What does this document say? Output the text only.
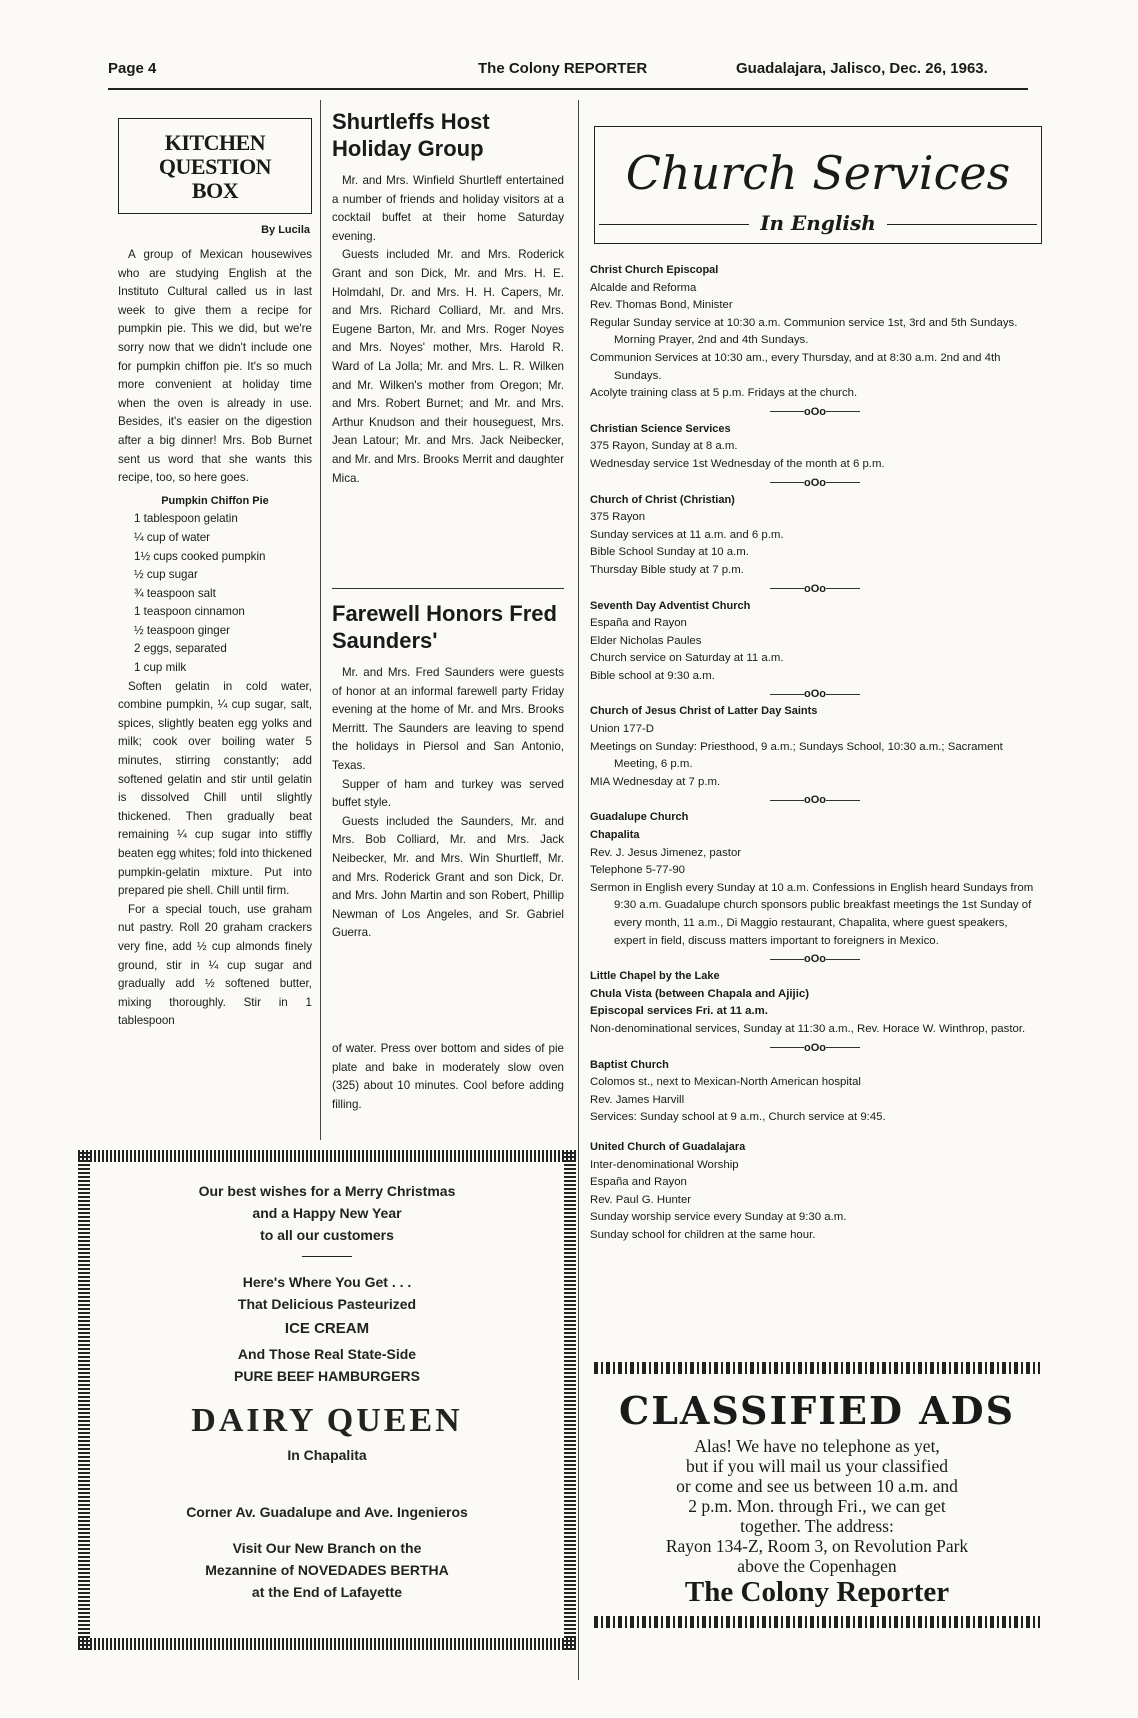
Page 4	The Colony REPORTER	Guadalajara, Jalisco, Dec. 26, 1963.
KITCHEN
QUESTION
BOX
By Lucila

A group of Mexican housewives who are studying English at the Instituto Cultural called us in last week to give them a recipe for pumpkin pie. This we did, but we're sorry now that we didn't include one for pumpkin chiffon pie. It's so much more convenient at holiday time when the oven is already in use. Besides, it's easier on the digestion after a big dinner! Mrs. Bob Burnet sent us word that she wants this recipe, too, so here goes.

Pumpkin Chiffon Pie

1 tablespoon gelatin
¼ cup of water
1½ cups cooked pumpkin
½ cup sugar
¾ teaspoon salt
1 teaspoon cinnamon
½ teaspoon ginger
2 eggs, separated
1 cup milk

Soften gelatin in cold water, combine pumpkin, ¼ cup sugar, salt, spices, slightly beaten egg yolks and milk; cook over boiling water 5 minutes, stirring constantly; add softened gelatin and stir until gelatin is dissolved Chill until slightly thickened. Then gradually beat remaining ¼ cup sugar into stiffly beaten egg whites; fold into thickened pumpkin-gelatin mixture. Put into prepared pie shell. Chill until firm.

For a special touch, use graham nut pastry. Roll 20 graham crackers very fine, add ½ cup almonds finely ground, stir in ¼ cup sugar and gradually add ½ softened butter, mixing thoroughly. Stir in 1 tablespoon

Shurtleffs Host Holiday Group

Mr. and Mrs. Winfield Shurtleff entertained a number of friends and holiday visitors at a cocktail buffet at their home Saturday evening.

Guests included Mr. and Mrs. Roderick Grant and son Dick, Mr. and Mrs. H. E. Holmdahl, Dr. and Mrs. H. H. Capers, Mr. and Mrs. Richard Colliard, Mr. and Mrs. Eugene Barton, Mr. and Mrs. Roger Noyes and Mrs. Noyes' mother, Mrs. Harold R. Ward of La Jolla; Mr. and Mrs. L. R. Wilken and Mr. Wilken's mother from Oregon; Mr. and Mrs. Robert Burnet; and Mr. and Mrs. Arthur Knudson and their houseguest, Mrs. Jean Latour; Mr. and Mrs. Jack Neibecker, and Mr. and Mrs. Brooks Merrit and daughter Mica.

Farewell Honors Fred Saunders'

Mr. and Mrs. Fred Saunders were guests of honor at an informal farewell party Friday evening at the home of Mr. and Mrs. Brooks Merritt. The Saunders are leaving to spend the holidays in Piersol and San Antonio, Texas.

Supper of ham and turkey was served buffet style.

Guests included the Saunders, Mr. and Mrs. Bob Colliard, Mr. and Mrs. Jack Neibecker, Mr. and Mrs. Win Shurtleff, Mr. and Mrs. Roderick Grant and son Dick, Dr. and Mrs. John Martin and son Robert, Phillip Newman of Los Angeles, and Sr. Gabriel Guerra.

of water. Press over bottom and sides of pie plate and bake in moderately slow oven (325) about 10 minutes. Cool before adding filling.

Our best wishes for a Merry Christmas

and a Happy New Year

to all our customers

Here's Where You Get . . .

That Delicious Pasteurized

ICE CREAM

And Those Real State-Side

PURE BEEF HAMBURGERS

DAIRY QUEEN

In Chapalita

Corner Av. Guadalupe and Ave. Ingenieros

Visit Our New Branch on the

Mezannine of NOVEDADES BERTHA

at the End of Lafayette

Church Services
In English
Christ Church Episcopal
Alcalde and Reforma
Rev. Thomas Bond, Minister
Regular Sunday service at 10:30 a.m. Communion service 1st, 3rd and 5th Sundays. Morning Prayer, 2nd and 4th Sundays.
Communion Services at 10:30 am., every Thursday, and at 8:30 a.m. 2nd and 4th Sundays.
Acolyte training class at 5 p.m. Fridays at the church.
oOo
Christian Science Services
375 Rayon, Sunday at 8 a.m.
Wednesday service 1st Wednesday of the month at 6 p.m.
oOo
Church of Christ (Christian)
375 Rayon
Sunday services at 11 a.m. and 6 p.m.
Bible School Sunday at 10 a.m.
Thursday Bible study at 7 p.m.
oOo
Seventh Day Adventist Church
España and Rayon
Elder Nicholas Paules
Church service on Saturday at 11 a.m.
Bible school at 9:30 a.m.
oOo
Church of Jesus Christ of Latter Day Saints
Union 177-D
Meetings on Sunday: Priesthood, 9 a.m.; Sundays School, 10:30 a.m.; Sacrament Meeting, 6 p.m.
MIA Wednesday at 7 p.m.
oOo
Guadalupe Church
Chapalita
Rev. J. Jesus Jimenez, pastor
Telephone 5-77-90
Sermon in English every Sunday at 10 a.m. Confessions in English heard Sundays from 9:30 a.m. Guadalupe church sponsors public breakfast meetings the 1st Sunday of every month, 11 a.m., Di Maggio restaurant, Chapalita, where guest speakers, expert in field, discuss matters important to foreigners in Mexico.
oOo
Little Chapel by the Lake
Chula Vista (between Chapala and Ajijic)
Episcopal services Fri. at 11 a.m.
Non-denominational services, Sunday at 11:30 a.m., Rev. Horace W. Winthrop, pastor.
oOo
Baptist Church
Colomos st., next to Mexican-North American hospital
Rev. James Harvill
Services: Sunday school at 9 a.m., Church service at 9:45.
United Church of Guadalajara
Inter-denominational Worship
España and Rayon
Rev. Paul G. Hunter
Sunday worship service every Sunday at 9:30 a.m.
Sunday school for children at the same hour.
CLASSIFIED ADS

Alas! We have no telephone as yet,

but if you will mail us your classified

or come and see us between 10 a.m. and

2 p.m. Mon. through Fri., we can get

together. The address:

Rayon 134-Z, Room 3, on Revolution Park

above the Copenhagen

The Colony Reporter
